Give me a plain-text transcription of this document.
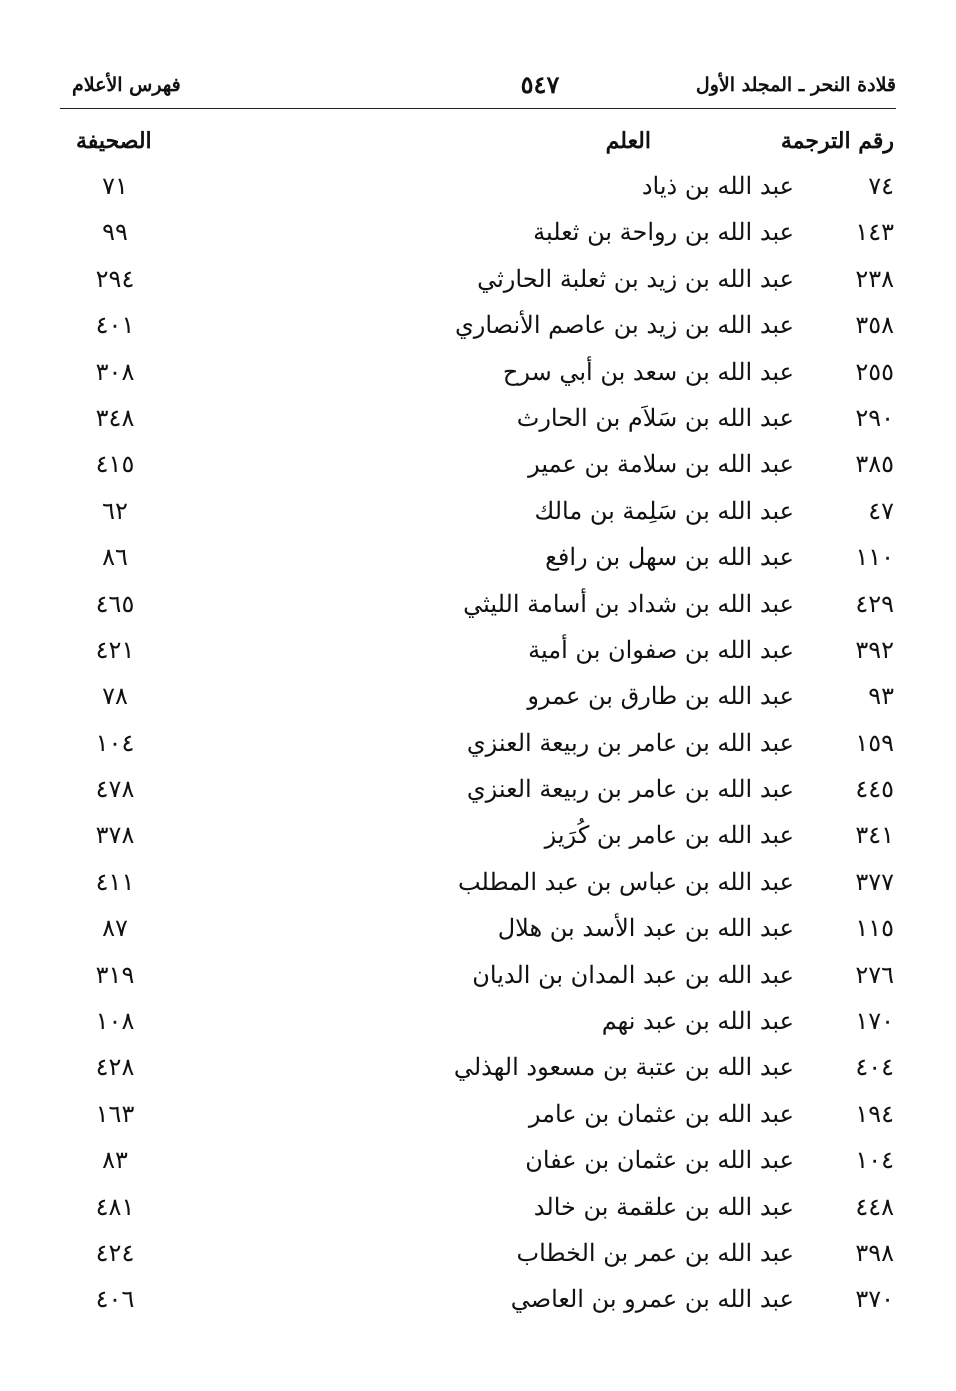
قلادة النحر ـ المجلد الأول
٥٤٧
فهرس الأعلام
رقم الترجمة
العلم
الصحيفة
٧٤
عبد الله بن ذياد
٧١
١٤٣
عبد الله بن رواحة بن ثعلبة
٩٩
٢٣٨
عبد الله بن زيد بن ثعلبة الحارثي
٢٩٤
٣٥٨
عبد الله بن زيد بن عاصم الأنصاري
٤٠١
٢٥٥
عبد الله بن سعد بن أبي سرح
٣٠٨
٢٩٠
عبد الله بن سَلاَم بن الحارث
٣٤٨
٣٨٥
عبد الله بن سلامة بن عمير
٤١٥
٤٧
عبد الله بن سَلِمة بن مالك
٦٢
١١٠
عبد الله بن سهل بن رافع
٨٦
٤٢٩
عبد الله بن شداد بن أسامة الليثي
٤٦٥
٣٩٢
عبد الله بن صفوان بن أمية
٤٢١
٩٣
عبد الله بن طارق بن عمرو
٧٨
١٥٩
عبد الله بن عامر بن ربيعة العنزي
١٠٤
٤٤٥
عبد الله بن عامر بن ربيعة العنزي
٤٧٨
٣٤١
عبد الله بن عامر بن كُرَيز
٣٧٨
٣٧٧
عبد الله بن عباس بن عبد المطلب
٤١١
١١٥
عبد الله بن عبد الأسد بن هلال
٨٧
٢٧٦
عبد الله بن عبد المدان بن الديان
٣١٩
١٧٠
عبد الله بن عبد نهم
١٠٨
٤٠٤
عبد الله بن عتبة بن مسعود الهذلي
٤٢٨
١٩٤
عبد الله بن عثمان بن عامر
١٦٣
١٠٤
عبد الله بن عثمان بن عفان
٨٣
٤٤٨
عبد الله بن علقمة بن خالد
٤٨١
٣٩٨
عبد الله بن عمر بن الخطاب
٤٢٤
٣٧٠
عبد الله بن عمرو بن العاصي
٤٠٦
